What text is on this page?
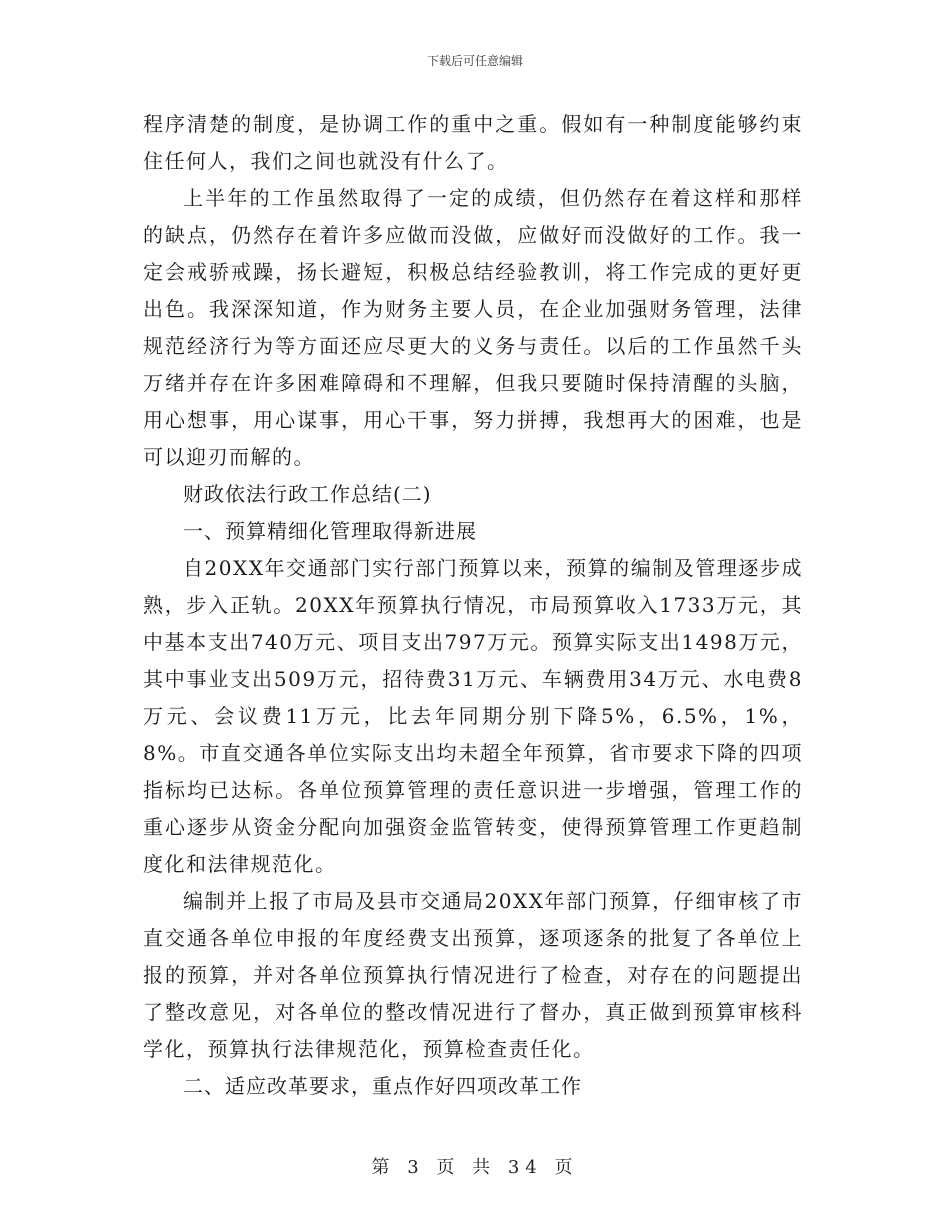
下载后可任意编辑

程序清楚的制度，是协调工作的重中之重。假如有一种制度能够约束住任何人，我们之间也就没有什么了。

上半年的工作虽然取得了一定的成绩，但仍然存在着这样和那样的缺点，仍然存在着许多应做而没做，应做好而没做好的工作。我一定会戒骄戒躁，扬长避短，积极总结经验教训，将工作完成的更好更出色。我深深知道，作为财务主要人员，在企业加强财务管理，法律规范经济行为等方面还应尽更大的义务与责任。以后的工作虽然千头万绪并存在许多困难障碍和不理解，但我只要随时保持清醒的头脑，用心想事，用心谋事，用心干事，努力拼搏，我想再大的困难，也是可以迎刃而解的。

财政依法行政工作总结(二)

一、预算精细化管理取得新进展

自20XX年交通部门实行部门预算以来，预算的编制及管理逐步成熟，步入正轨。20XX年预算执行情况，市局预算收入1733万元，其中基本支出740万元、项目支出797万元。预算实际支出1498万元，其中事业支出509万元，招待费31万元、车辆费用34万元、水电费8万元、会议费11万元，比去年同期分别下降5%，6.5%，1%，8%。市直交通各单位实际支出均未超全年预算，省市要求下降的四项指标均已达标。各单位预算管理的责任意识进一步增强，管理工作的重心逐步从资金分配向加强资金监管转变，使得预算管理工作更趋制度化和法律规范化。

编制并上报了市局及县市交通局20XX年部门预算，仔细审核了市直交通各单位申报的年度经费支出预算，逐项逐条的批复了各单位上报的预算，并对各单位预算执行情况进行了检查，对存在的问题提出了整改意见，对各单位的整改情况进行了督办，真正做到预算审核科学化，预算执行法律规范化，预算检查责任化。

二、适应改革要求，重点作好四项改革工作

第 3 页 共 34 页
